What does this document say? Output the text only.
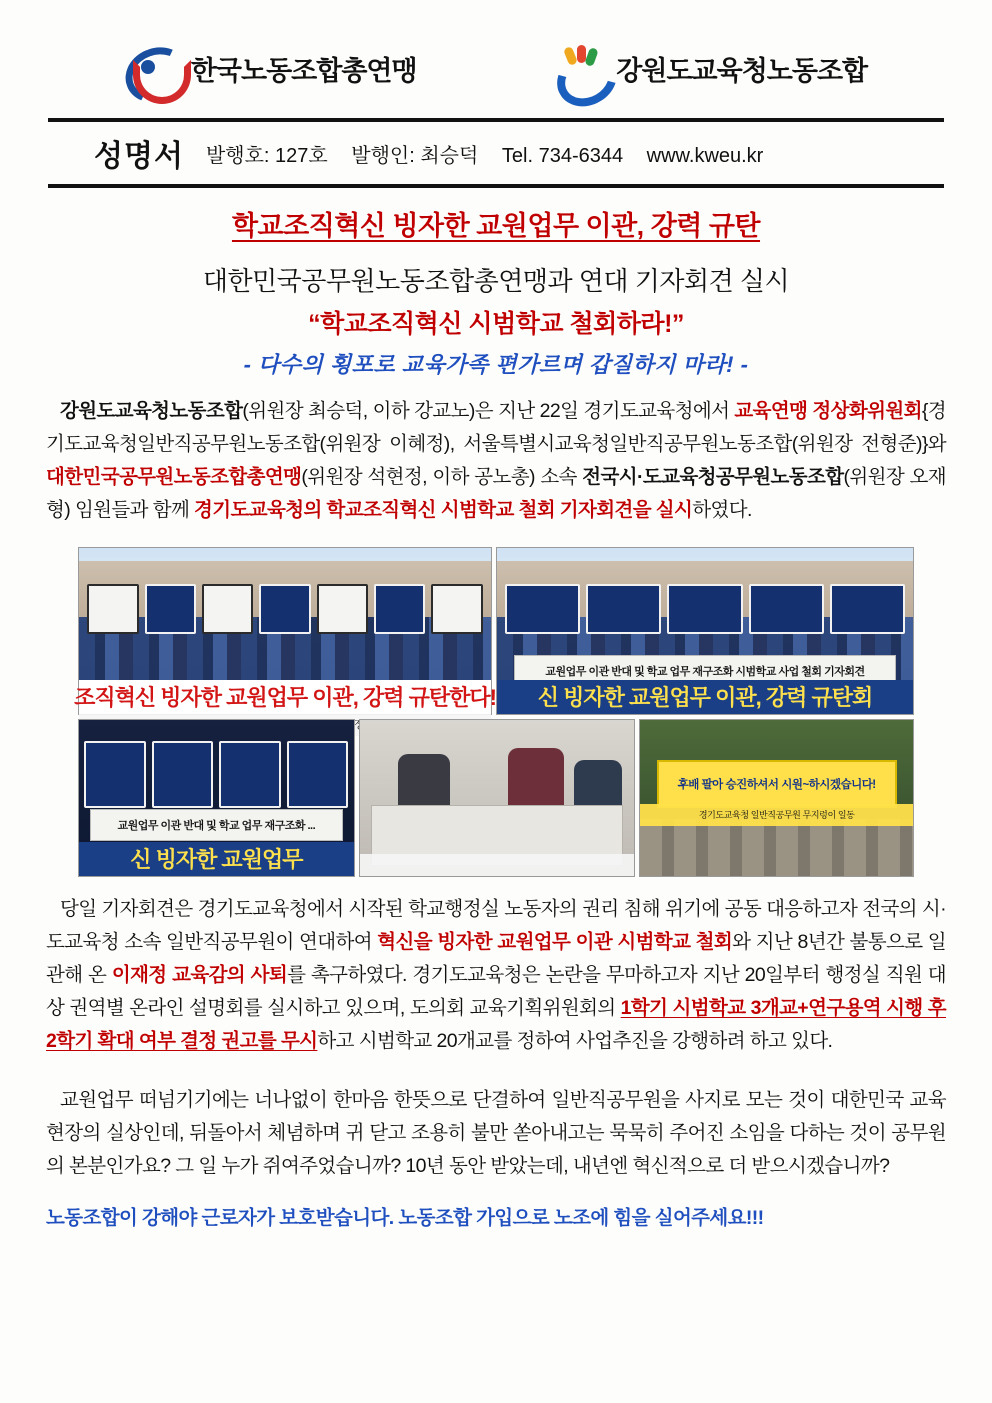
한국노동조합총연맹	강원도교육청노동조합
성명서 발행호: 127호 발행인: 최승덕 Tel. 734-6344 www.kweu.kr
학교조직혁신 빙자한 교원업무 이관, 강력 규탄
대한민국공무원노동조합총연맹과 연대 기자회견 실시
“학교조직혁신 시범학교 철회하라!”
- 다수의 횡포로 교육가족 편가르며 갑질하지 마라! -

강원도교육청노동조합(위원장 최승덕, 이하 강교노)은 지난 22일 경기도교육청에서 교육연맹 정상화위원회{경기도교육청일반직공무원노동조합(위원장 이혜정), 서울특별시교육청일반직공무원노동조합(위원장 전형준)}와 대한민국공무원노동조합총연맹(위원장 석현정, 이하 공노총) 소속 전국시·도교육청공무원노동조합(위원장 오재형) 임원들과 함께 경기도교육청의 학교조직혁신 시범학교 철회 기자회견을 실시하였다.

조직혁신 빙자한 교원업무 이관, 강력 규탄한다!
교원업무 이관 반대 및 학교 업무 재구조화 시범학교 사업 철회 기자회견
신 빙자한 교원업무 이관, 강력 규탄회
교원업무 이관 반대 및 학교 업무 재구조화 ...
신 빙자한 교원업무
후배 팔아 승진하셔서 시원~하시겠습니다!
경기도교육청 일반직공무원 무지렁이 일동

당일 기자회견은 경기도교육청에서 시작된 학교행정실 노동자의 권리 침해 위기에 공동 대응하고자 전국의 시·도교육청 소속 일반직공무원이 연대하여 혁신을 빙자한 교원업무 이관 시범학교 철회와 지난 8년간 불통으로 일관해 온 이재정 교육감의 사퇴를 촉구하였다. 경기도교육청은 논란을 무마하고자 지난 20일부터 행정실 직원 대상 권역별 온라인 설명회를 실시하고 있으며, 도의회 교육기획위원회의 1학기 시범학교 3개교+연구용역 시행 후 2학기 확대 여부 결정 권고를 무시하고 시범학교 20개교를 정하여 사업추진을 강행하려 하고 있다.

교원업무 떠넘기기에는 너나없이 한마음 한뜻으로 단결하여 일반직공무원을 사지로 모는 것이 대한민국 교육현장의 실상인데, 뒤돌아서 체념하며 귀 닫고 조용히 불만 쏟아내고는 묵묵히 주어진 소임을 다하는 것이 공무원의 본분인가요? 그 일 누가 쥐여주었습니까? 10년 동안 받았는데, 내년엔 혁신적으로 더 받으시겠습니까?

노동조합이 강해야 근로자가 보호받습니다. 노동조합 가입으로 노조에 힘을 실어주세요!!!
